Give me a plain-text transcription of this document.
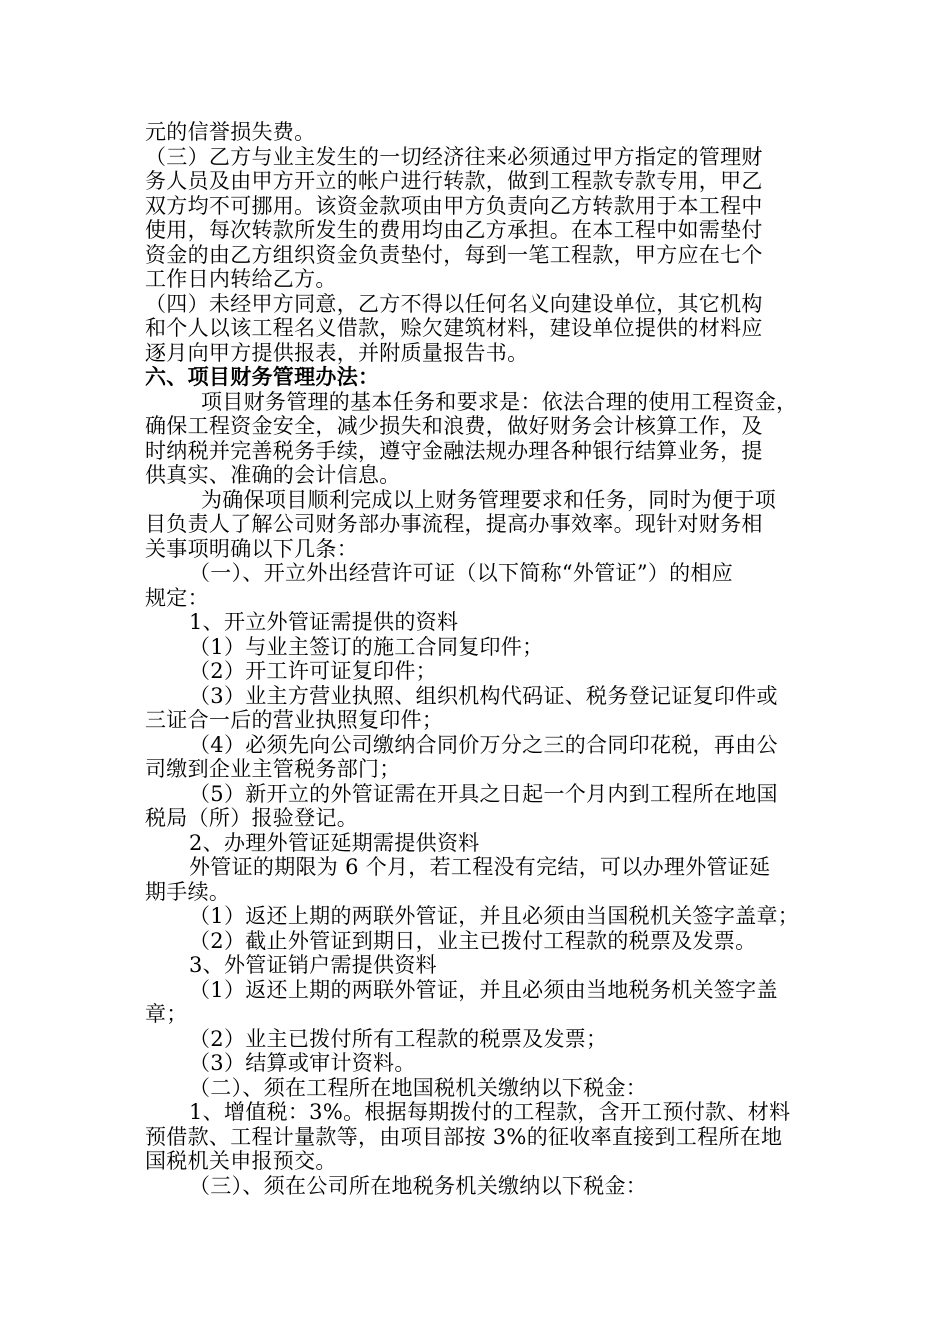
元的信誉损失费。
（三）乙方与业主发生的一切经济往来必须通过甲方指定的管理财
务人员及由甲方开立的帐户进行转款，做到工程款专款专用，甲乙
双方均不可挪用。该资金款项由甲方负责向乙方转款用于本工程中
使用，每次转款所发生的费用均由乙方承担。在本工程中如需垫付
资金的由乙方组织资金负责垫付，每到一笔工程款，甲方应在七个
工作日内转给乙方。
（四）未经甲方同意，乙方不得以任何名义向建设单位，其它机构
和个人以该工程名义借款，赊欠建筑材料，建设单位提供的材料应
逐月向甲方提供报表，并附质量报告书。
六、项目财务管理办法：
项目财务管理的基本任务和要求是：依法合理的使用工程资金，
确保工程资金安全，减少损失和浪费，做好财务会计核算工作，及
时纳税并完善税务手续，遵守金融法规办理各种银行结算业务，提
供真实、准确的会计信息。
为确保项目顺利完成以上财务管理要求和任务，同时为便于项
目负责人了解公司财务部办事流程，提高办事效率。现针对财务相
关事项明确以下几条：
（一）、开立外出经营许可证（以下简称“外管证”）的相应
规定：
1、开立外管证需提供的资料
（1）与业主签订的施工合同复印件；
（2）开工许可证复印件；
（3）业主方营业执照、组织机构代码证、税务登记证复印件或
三证合一后的营业执照复印件；
（4）必须先向公司缴纳合同价万分之三的合同印花税，再由公
司缴到企业主管税务部门；
（5）新开立的外管证需在开具之日起一个月内到工程所在地国
税局（所）报验登记。
2、办理外管证延期需提供资料
外管证的期限为 6 个月，若工程没有完结，可以办理外管证延
期手续。
（1）返还上期的两联外管证，并且必须由当国税机关签字盖章；
（2）截止外管证到期日，业主已拨付工程款的税票及发票。
3、外管证销户需提供资料
（1）返还上期的两联外管证，并且必须由当地税务机关签字盖
章；
（2）业主已拨付所有工程款的税票及发票；
（3）结算或审计资料。
（二）、须在工程所在地国税机关缴纳以下税金：
1、增值税：3%。根据每期拨付的工程款，含开工预付款、材料
预借款、工程计量款等，由项目部按 3%的征收率直接到工程所在地
国税机关申报预交。
（三）、须在公司所在地税务机关缴纳以下税金：
